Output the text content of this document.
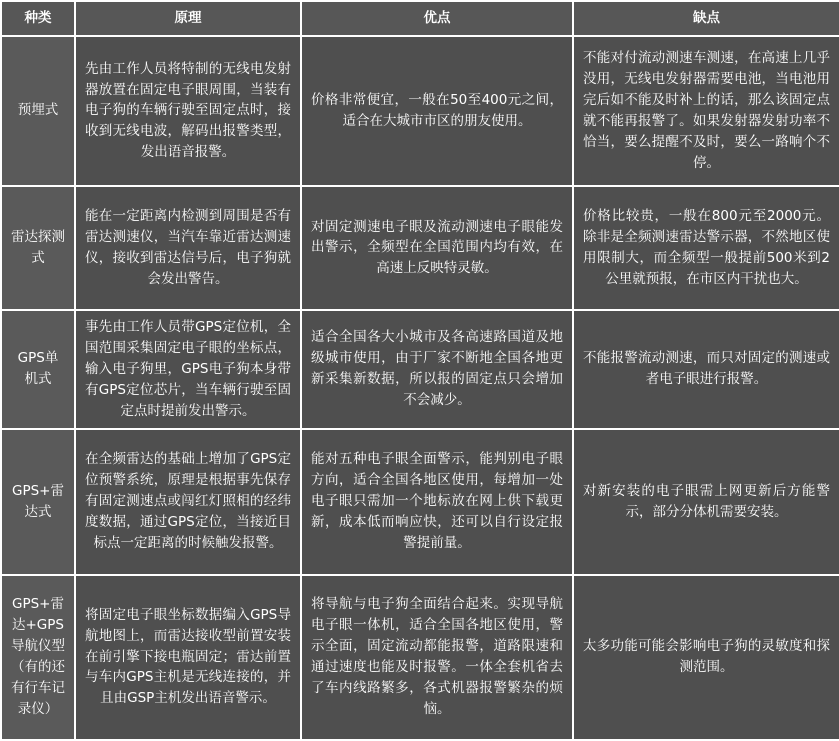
种类	原理	优点	缺点
预埋式	先由工作人员将特制的无线电发射器放置在固定电子眼周围，当装有电子狗的车辆行驶至固定点时，接收到无线电波，解码出报警类型，发出语音报警。	价格非常便宜，一般在50至400元之间，适合在大城市市区的朋友使用。	不能对付流动测速车测速，在高速上几乎没用，无线电发射器需要电池，当电池用完后如不能及时补上的话，那么该固定点就不能再报警了。如果发射器发射功率不恰当，要么提醒不及时，要么一路响个不停。
雷达探测式	能在一定距离内检测到周围是否有雷达测速仪，当汽车靠近雷达测速仪，接收到雷达信号后，电子狗就会发出警告。	对固定测速电子眼及流动测速电子眼能发出警示，全频型在全国范围内均有效，在高速上反映特灵敏。	价格比较贵，一般在800元至2000元。除非是全频测速雷达警示器，不然地区使用限制大，而全频型一般提前500米到2公里就预报，在市区内干扰也大。
GPS单机式	事先由工作人员带GPS定位机，全国范围采集固定电子眼的坐标点，输入电子狗里，GPS电子狗本身带有GPS定位芯片，当车辆行驶至固定点时提前发出警示。	适合全国各大小城市及各高速路国道及地级城市使用，由于厂家不断地全国各地更新采集新数据，所以报的固定点只会增加不会减少。	不能报警流动测速，而只对固定的测速或者电子眼进行报警。
GPS+雷达式	在全频雷达的基础上增加了GPS定位预警系统，原理是根据事先保存有固定测速点或闯红灯照相的经纬度数据，通过GPS定位，当接近目标点一定距离的时候触发报警。	能对五种电子眼全面警示，能判别电子眼方向，适合全国各地区使用，每增加一处电子眼只需加一个地标放在网上供下载更新，成本低而响应快，还可以自行设定报警提前量。	对新安装的电子眼需上网更新后方能警示，部分分体机需要安装。
GPS+雷达+GPS导航仪型（有的还有行车记录仪）	将固定电子眼坐标数据编入GPS导航地图上，而雷达接收型前置安装在前引擎下接电瓶固定；雷达前置与车内GPS主机是无线连接的，并且由GSP主机发出语音警示。	将导航与电子狗全面结合起来。实现导航电子眼一体机，适合全国各地区使用，警示全面，固定流动都能报警，道路限速和通过速度也能及时报警。一体全套机省去了车内线路繁多，各式机器报警繁杂的烦恼。	太多功能可能会影响电子狗的灵敏度和探测范围。
